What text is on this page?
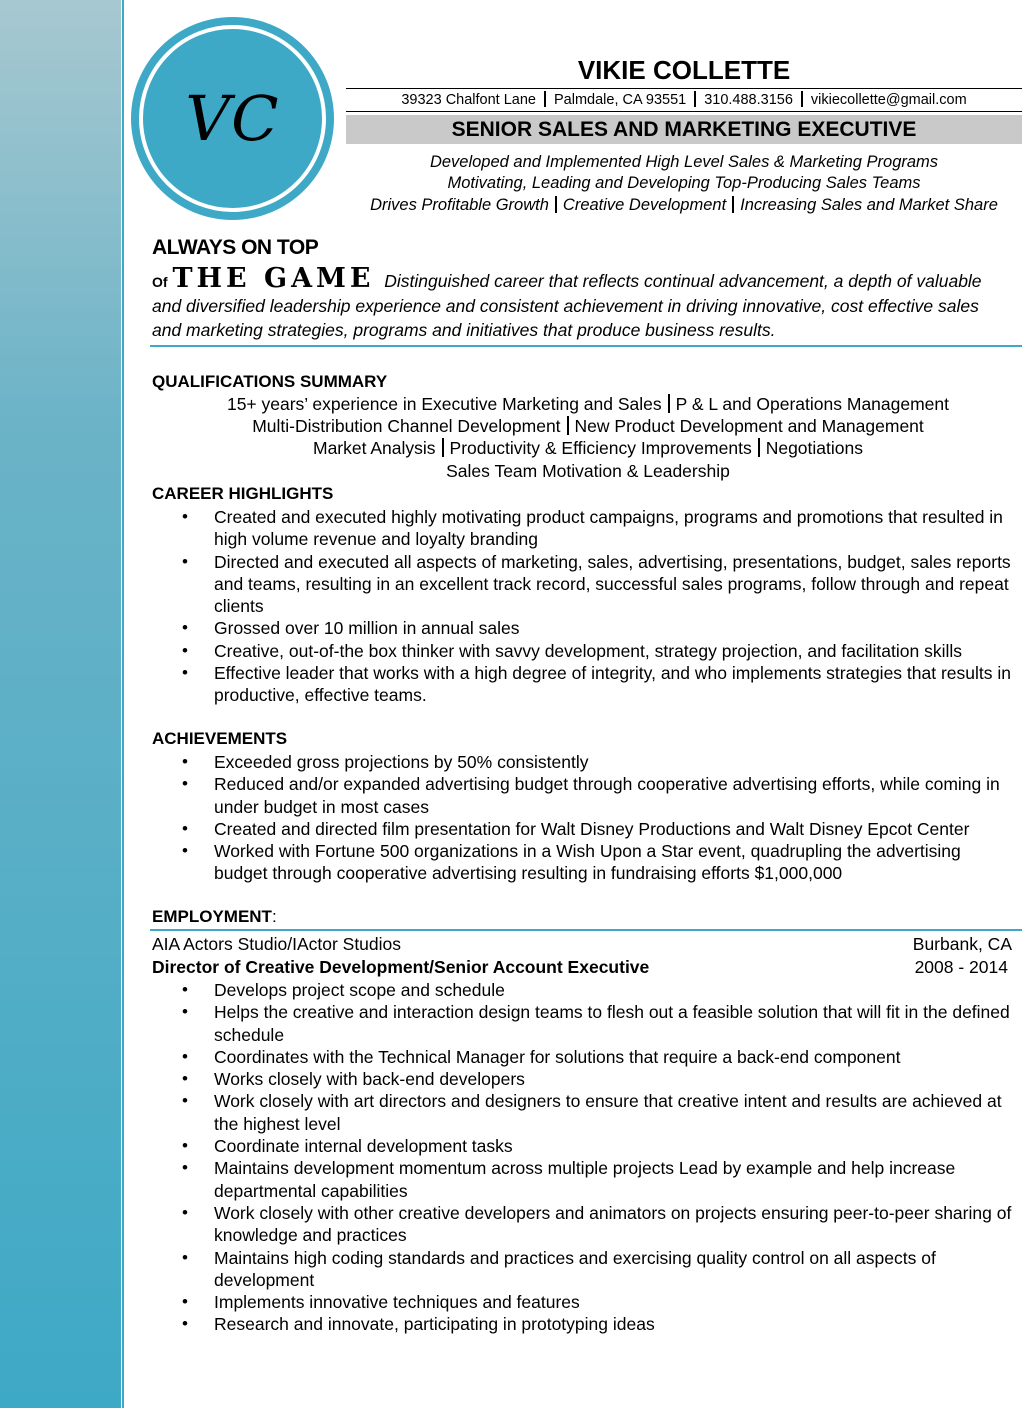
VC
VIKIE COLLETTE
39323 Chalfont Lane Palmdale, CA 93551 310.488.3156 vikiecollette@gmail.com
SENIOR SALES AND MARKETING EXECUTIVE
Developed and Implemented High Level Sales & Marketing Programs
Motivating, Leading and Developing Top-Producing Sales Teams
Drives Profitable Growth Creative Development Increasing Sales and Market Share
ALWAYS ON TOP
Of THE GAME Distinguished career that reflects continual advancement, a depth of valuable and diversified leadership experience and consistent achievement in driving innovative, cost effective sales and marketing strategies, programs and initiatives that produce business results.
QUALIFICATIONS SUMMARY
15+ years’ experience in Executive Marketing and Sales P & L and Operations Management
Multi-Distribution Channel Development New Product Development and Management
Market Analysis Productivity & Efficiency Improvements Negotiations
Sales Team Motivation & Leadership
CAREER HIGHLIGHTS
• Created and executed highly motivating product campaigns, programs and promotions that resulted in high volume revenue and loyalty branding
• Directed and executed all aspects of marketing, sales, advertising, presentations, budget, sales reports and teams, resulting in an excellent track record, successful sales programs, follow through and repeat clients
• Grossed over 10 million in annual sales
• Creative, out-of-the box thinker with savvy development, strategy projection, and facilitation skills
• Effective leader that works with a high degree of integrity, and who implements strategies that results in productive, effective teams.
ACHIEVEMENTS
• Exceeded gross projections by 50% consistently
• Reduced and/or expanded advertising budget through cooperative advertising efforts, while coming in under budget in most cases
• Created and directed film presentation for Walt Disney Productions and Walt Disney Epcot Center
• Worked with Fortune 500 organizations in a Wish Upon a Star event, quadrupling the advertising budget through cooperative advertising resulting in fundraising efforts $1,000,000
EMPLOYMENT:
AIA Actors Studio/IActor Studios	Burbank, CA
Director of Creative Development/Senior Account Executive	2008 - 2014
• Develops project scope and schedule
• Helps the creative and interaction design teams to flesh out a feasible solution that will fit in the defined schedule
• Coordinates with the Technical Manager for solutions that require a back-end component
• Works closely with back-end developers
• Work closely with art directors and designers to ensure that creative intent and results are achieved at the highest level
• Coordinate internal development tasks
• Maintains development momentum across multiple projects Lead by example and help increase departmental capabilities
• Work closely with other creative developers and animators on projects ensuring peer-to-peer sharing of knowledge and practices
• Maintains high coding standards and practices and exercising quality control on all aspects of development
• Implements innovative techniques and features
• Research and innovate, participating in prototyping ideas
